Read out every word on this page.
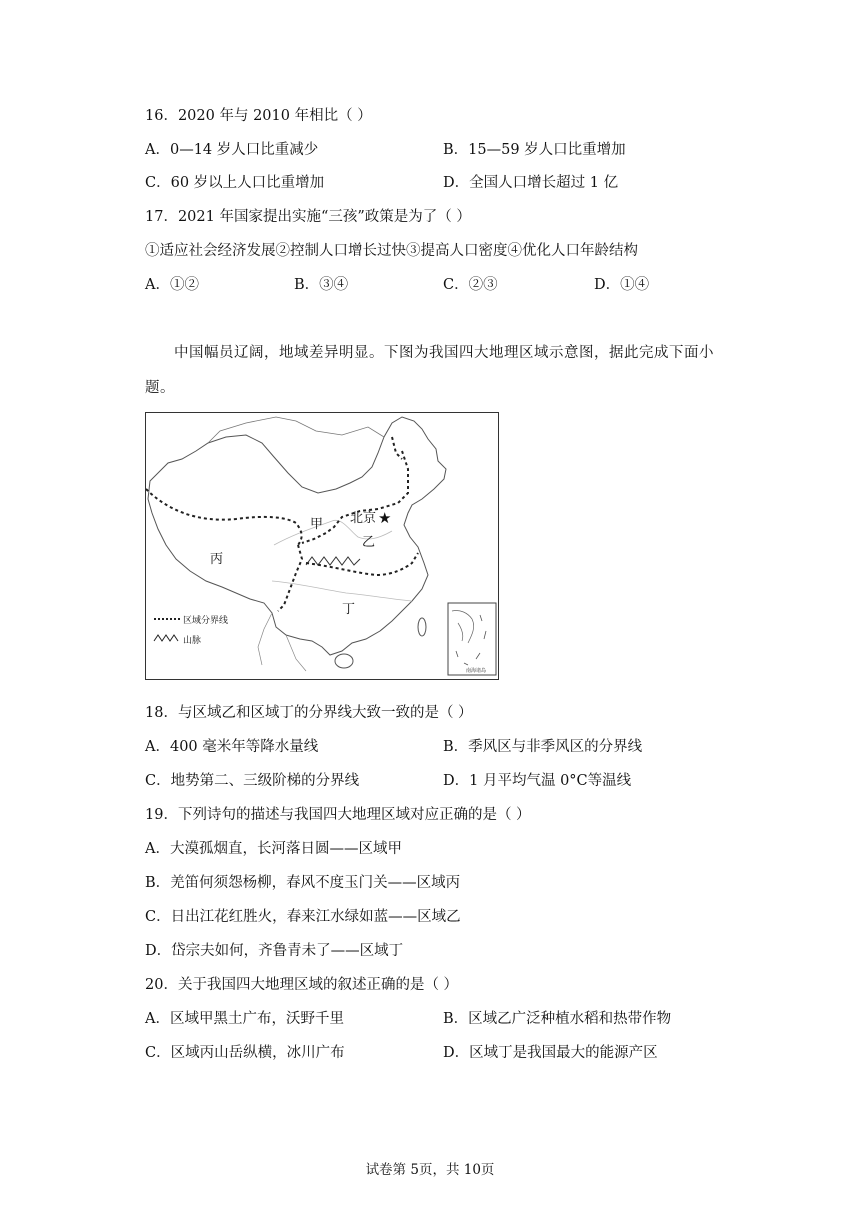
16．2020 年与 2010 年相比（ ）
A．0—14 岁人口比重减少	B．15—59 岁人口比重增加
C．60 岁以上人口比重增加	D．全国人口增长超过 1 亿
17．2021 年国家提出实施“三孩”政策是为了（ ）
①适应社会经济发展②控制人口增长过快③提高人口密度④优化人口年龄结构
A．①②	B．③④	C．②③	D．①④
中国幅员辽阔，地域差异明显。下图为我国四大地理区域示意图，据此完成下面小
题。
★
甲
乙
丙
丁
北京
区域分界线
山脉
南海诸岛
18．与区域乙和区域丁的分界线大致一致的是（ ）
A．400 毫米年等降水量线	B．季风区与非季风区的分界线
C．地势第二、三级阶梯的分界线	D．1 月平均气温 0°C等温线
19．下列诗句的描述与我国四大地理区域对应正确的是（ ）
A．大漠孤烟直，长河落日圆——区域甲
B．羌笛何须怨杨柳，春风不度玉门关——区域丙
C．日出江花红胜火，春来江水绿如蓝——区域乙
D．岱宗夫如何，齐鲁青未了——区域丁
20．关于我国四大地理区域的叙述正确的是（ ）
A．区域甲黑土广布，沃野千里	B．区域乙广泛种植水稻和热带作物
C．区域丙山岳纵横，冰川广布	D．区域丁是我国最大的能源产区
试卷第 5页，共 10页
